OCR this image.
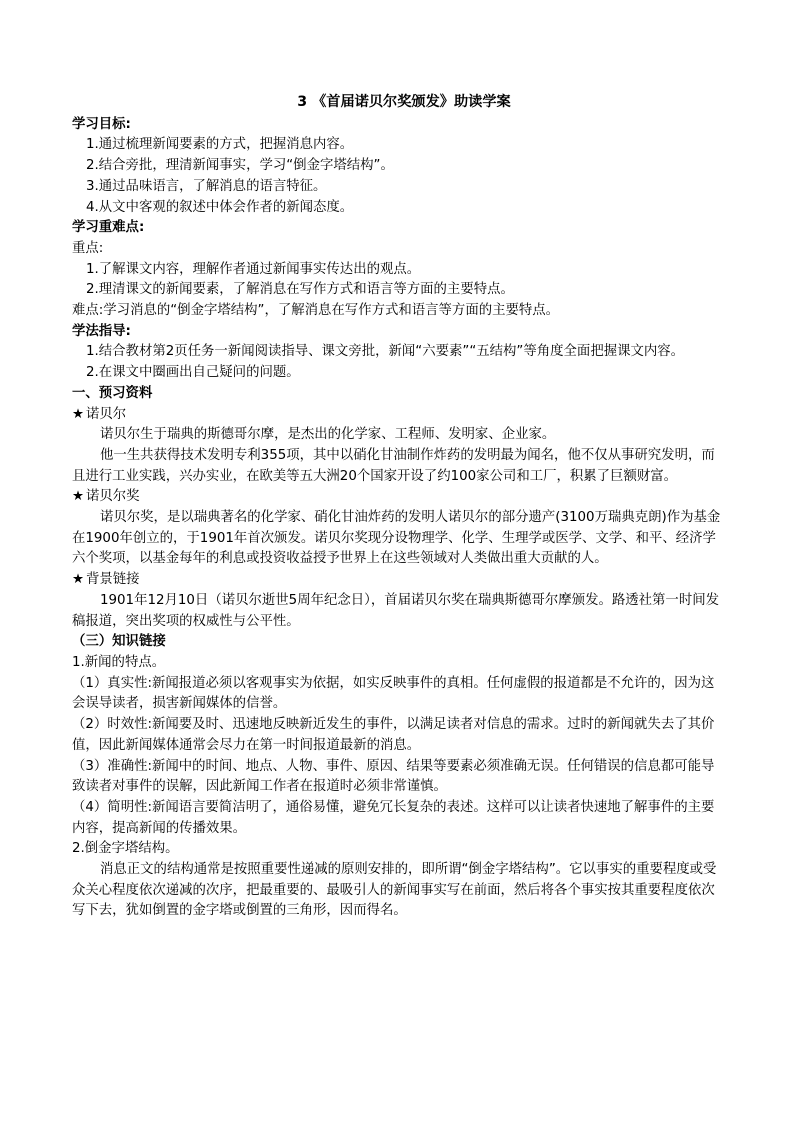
3 《首届诺贝尔奖颁发》助读学案
学习目标:
1.通过梳理新闻要素的方式，把握消息内容。
2.结合旁批，理清新闻事实，学习“倒金字塔结构”。
3.通过品味语言，了解消息的语言特征。
4.从文中客观的叙述中体会作者的新闻态度。
学习重难点:
重点:
1.了解课文内容，理解作者通过新闻事实传达出的观点。
2.理清课文的新闻要素，了解消息在写作方式和语言等方面的主要特点。
难点:学习消息的“倒金字塔结构”，了解消息在写作方式和语言等方面的主要特点。
学法指导:
1.结合教材第2页任务一新闻阅读指导、课文旁批，新闻“六要素”“五结构”等角度全面把握课文内容。
2.在课文中圈画出自己疑问的问题。
一、预习资料
★ 诺贝尔
诺贝尔生于瑞典的斯德哥尔摩，是杰出的化学家、工程师、发明家、企业家。
他一生共获得技术发明专利355项，其中以硝化甘油制作炸药的发明最为闻名，他不仅从事研究发明，而且进行工业实践，兴办实业，在欧美等五大洲20个国家开设了约100家公司和工厂，积累了巨额财富。
★ 诺贝尔奖
诺贝尔奖，是以瑞典著名的化学家、硝化甘油炸药的发明人诺贝尔的部分遗产(3100万瑞典克朗)作为基金在1900年创立的，于1901年首次颁发。诺贝尔奖现分设物理学、化学、生理学或医学、文学、和平、经济学六个奖项，以基金每年的利息或投资收益授予世界上在这些领域对人类做出重大贡献的人。
★ 背景链接
1901年12月10日（诺贝尔逝世5周年纪念日），首届诺贝尔奖在瑞典斯德哥尔摩颁发。路透社第一时间发稿报道，突出奖项的权威性与公平性。
（三）知识链接
1.新闻的特点。
（1）真实性:新闻报道必须以客观事实为依据，如实反映事件的真相。任何虚假的报道都是不允许的，因为这会误导读者，损害新闻媒体的信誉。
（2）时效性:新闻要及时、迅速地反映新近发生的事件，以满足读者对信息的需求。过时的新闻就失去了其价值，因此新闻媒体通常会尽力在第一时间报道最新的消息。
（3）准确性:新闻中的时间、地点、人物、事件、原因、结果等要素必须准确无误。任何错误的信息都可能导致读者对事件的误解，因此新闻工作者在报道时必须非常谨慎。
（4）简明性:新闻语言要简洁明了，通俗易懂，避免冗长复杂的表述。这样可以让读者快速地了解事件的主要内容，提高新闻的传播效果。
2.倒金字塔结构。
消息正文的结构通常是按照重要性递减的原则安排的，即所谓“倒金字塔结构”。它以事实的重要程度或受众关心程度依次递减的次序，把最重要的、最吸引人的新闻事实写在前面，然后将各个事实按其重要程度依次写下去，犹如倒置的金字塔或倒置的三角形，因而得名。
